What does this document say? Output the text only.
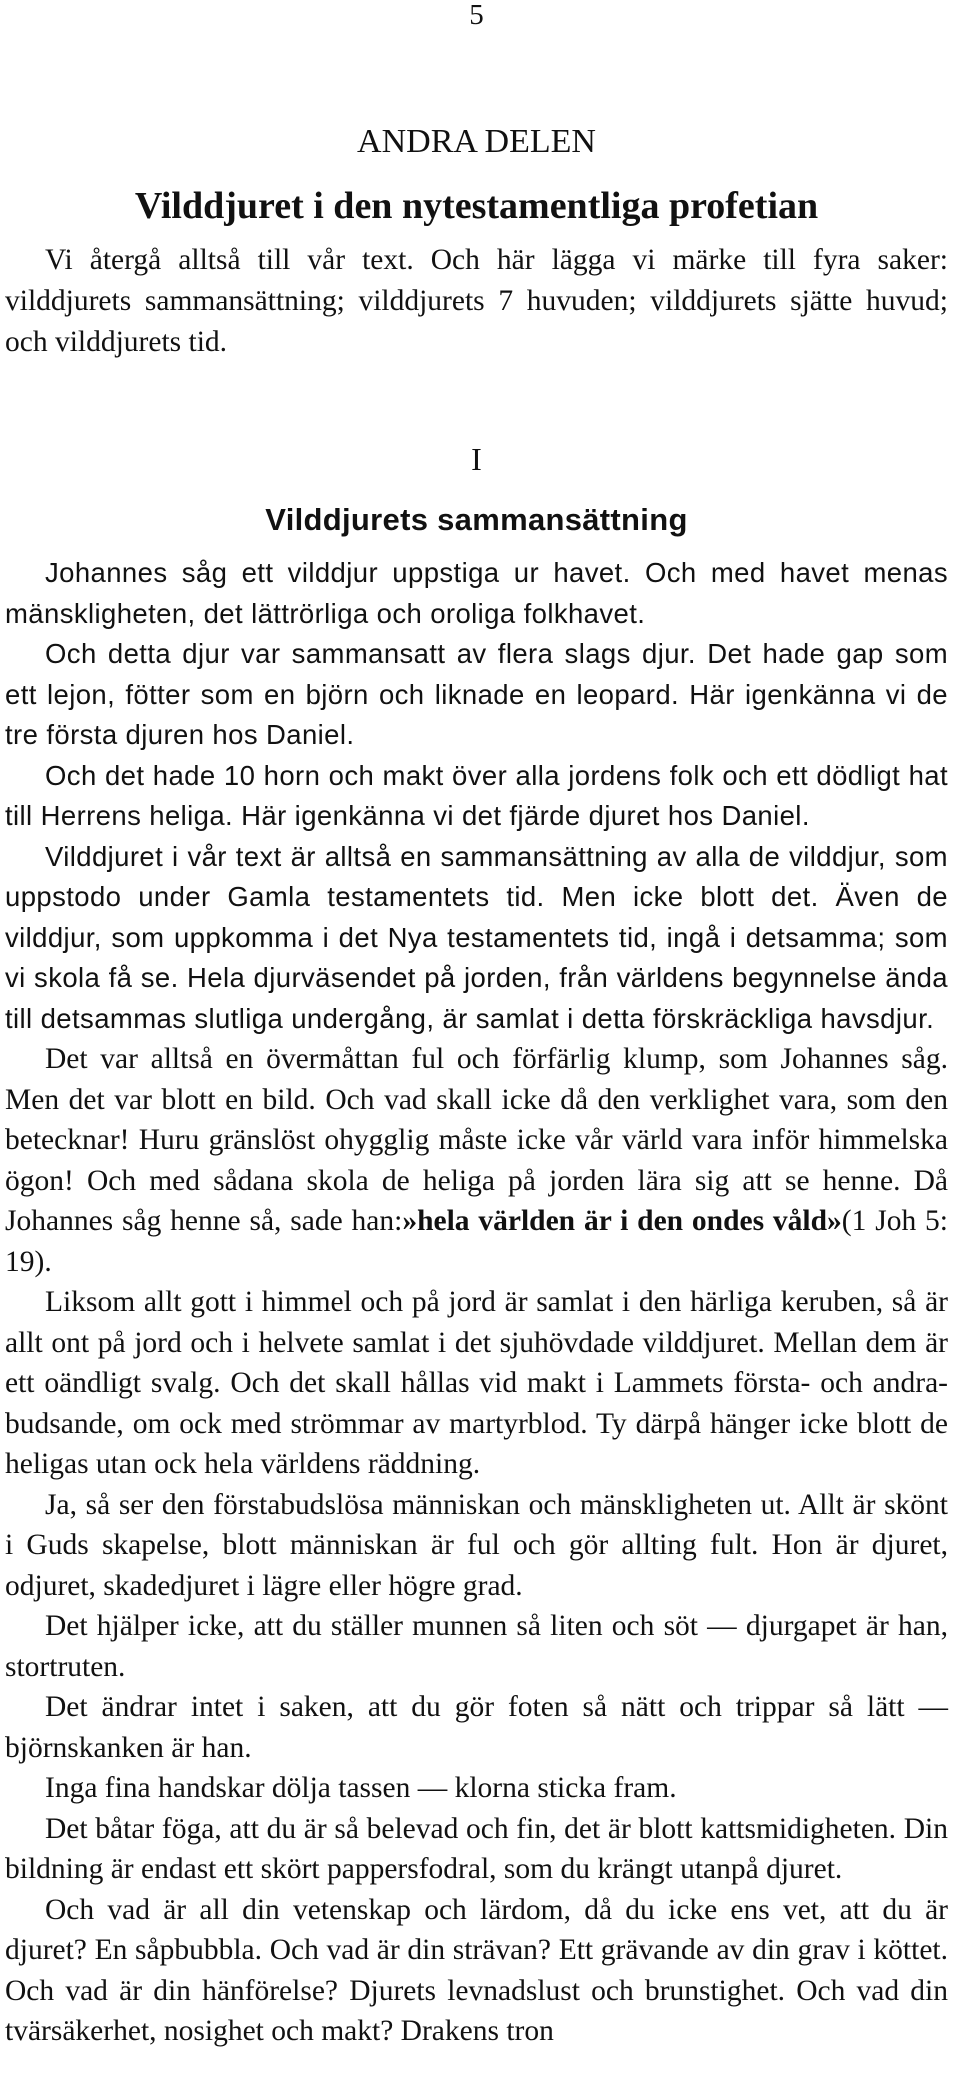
5
ANDRA DELEN
Vilddjuret i den nytestamentliga profetian

Vi återgå alltså till vår text. Och här lägga vi märke till fyra saker: vilddjurets sammansättning; vilddjurets 7 huvuden; vilddjurets sjätte huvud; och vilddjurets tid.

I
Vilddjurets sammansättning

Johannes såg ett vilddjur uppstiga ur havet. Och med havet menas mänskligheten, det lättrörliga och oroliga folkhavet.

Och detta djur var sammansatt av flera slags djur. Det hade gap som ett lejon, fötter som en björn och liknade en leopard. Här igenkänna vi de tre första djuren hos Daniel.

Och det hade 10 horn och makt över alla jordens folk och ett dödligt hat till Herrens heliga. Här igenkänna vi det fjärde djuret hos Daniel.

Vilddjuret i vår text är alltså en sammansättning av alla de vilddjur, som uppstodo under Gamla testamentets tid. Men icke blott det. Även de vilddjur, som uppkomma i det Nya testamentets tid, ingå i detsamma; som vi skola få se. Hela djurväsendet på jorden, från världens begynnelse ända till detsammas slutliga undergång, är samlat i detta förskräckliga havsdjur.

Det var alltså en övermåttan ful och förfärlig klump, som Johannes såg. Men det var blott en bild. Och vad skall icke då den verklighet vara, som den betecknar! Huru gränslöst ohygglig måste icke vår värld vara inför himmelska ögon! Och med sådana skola de heliga på jorden lära sig att se henne. Då Johannes såg henne så, sade han:»hela världen är i den ondes våld»(1 Joh 5: 19).

Liksom allt gott i himmel och på jord är samlat i den härliga keruben, så är allt ont på jord och i helvete samlat i det sjuhövdade vilddjuret. Mellan dem är ett oändligt svalg. Och det skall hållas vid makt i Lammets första- och andra-budsande, om ock med strömmar av martyrblod. Ty därpå hänger icke blott de heligas utan ock hela världens räddning.

Ja, så ser den förstabudslösa människan och mänskligheten ut. Allt är skönt i Guds skapelse, blott människan är ful och gör allting fult. Hon är djuret, odjuret, skadedjuret i lägre eller högre grad.

Det hjälper icke, att du ställer munnen så liten och söt — djurgapet är han, stortruten.

Det ändrar intet i saken, att du gör foten så nätt och trippar så lätt — björnskanken är han.

Inga fina handskar dölja tassen — klorna sticka fram.

Det båtar föga, att du är så belevad och fin, det är blott kattsmidigheten. Din bildning är endast ett skört pappersfodral, som du krängt utanpå djuret.

Och vad är all din vetenskap och lärdom, då du icke ens vet, att du är djuret? En såpbubbla. Och vad är din strävan? Ett grävande av din grav i köttet. Och vad är din hänförelse? Djurets levnadslust och brunstighet. Och vad din tvärsäkerhet, nosighet och makt? Drakens tron
